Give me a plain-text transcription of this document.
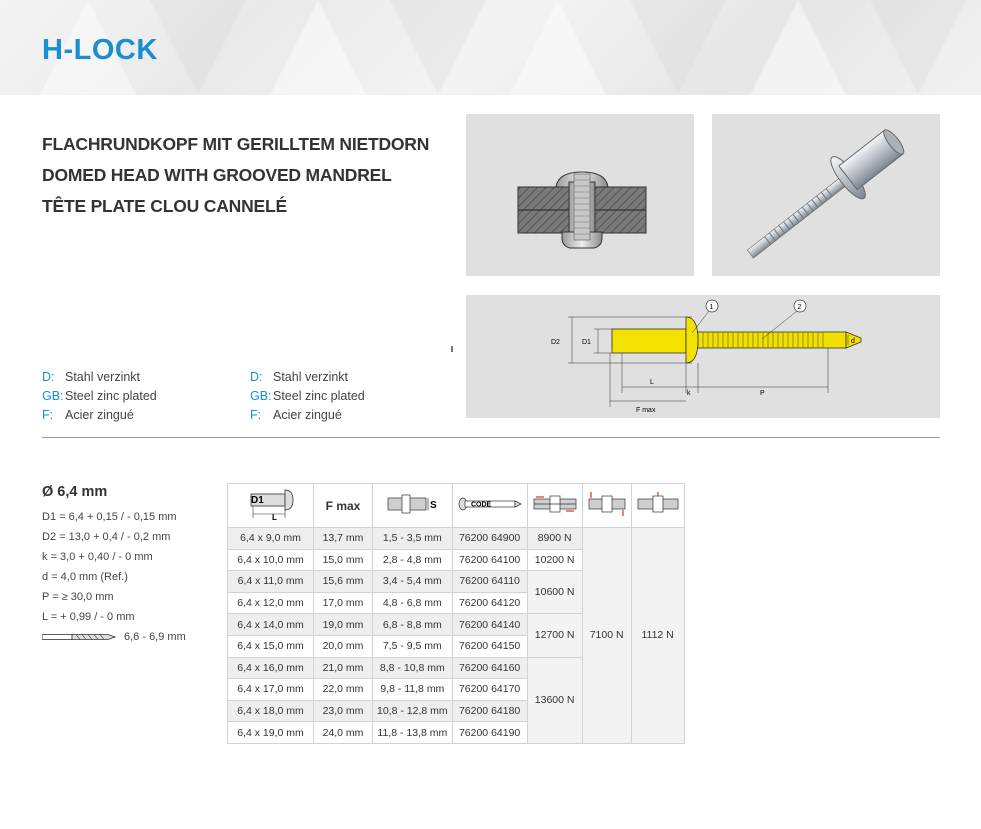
H-LOCK
FLACHRUNDKOPF MIT GERILLTEM NIETDORN
DOMED HEAD WITH GROOVED MANDREL
TÊTE PLATE CLOU CANNELÉ
D: Stahl verzinkt
GB:Steel zinc plated
F: Acier zingué
D: Stahl verzinkt
GB:Steel zinc plated
F: Acier zingué
D2	D1	d
L
k	P
F max
1	2
Ø 6,4 mm
D1 = 6,4 + 0,15 / - 0,15 mm
D2 = 13,0 + 0,4 / - 0,2 mm
k = 3,0 + 0,40 / - 0 mm
d = 4,0 mm (Ref.)
P = ≥ 30,0 mm
L = + 0,99 / - 0 mm
6,6 - 6,9 mm
D1
L	F max	S	CODE

6,4 x 9,0 mm	13,7 mm	1,5 - 3,5 mm	76200 64900	8900 N	7100 N	1112 N
6,4 x 10,0 mm	15,0 mm	2,8 - 4,8 mm	76200 64100	10200 N		
6,4 x 11,0 mm	15,6 mm	3,4 - 5,4 mm	76200 64110	10600 N		
6,4 x 12,0 mm	17,0 mm	4,8 - 6,8 mm	76200 64120			
6,4 x 14,0 mm	19,0 mm	6,8 - 8,8 mm	76200 64140	12700 N		
6,4 x 15,0 mm	20,0 mm	7,5 - 9,5 mm	76200 64150			
6,4 x 16,0 mm	21,0 mm	8,8 - 10,8 mm	76200 64160	13600 N		
6,4 x 17,0 mm	22,0 mm	9,8 - 11,8 mm	76200 64170			
6,4 x 18,0 mm	23,0 mm	10,8 - 12,8 mm	76200 64180			
6,4 x 19,0 mm	24,0 mm	11,8 - 13,8 mm	76200 64190			
